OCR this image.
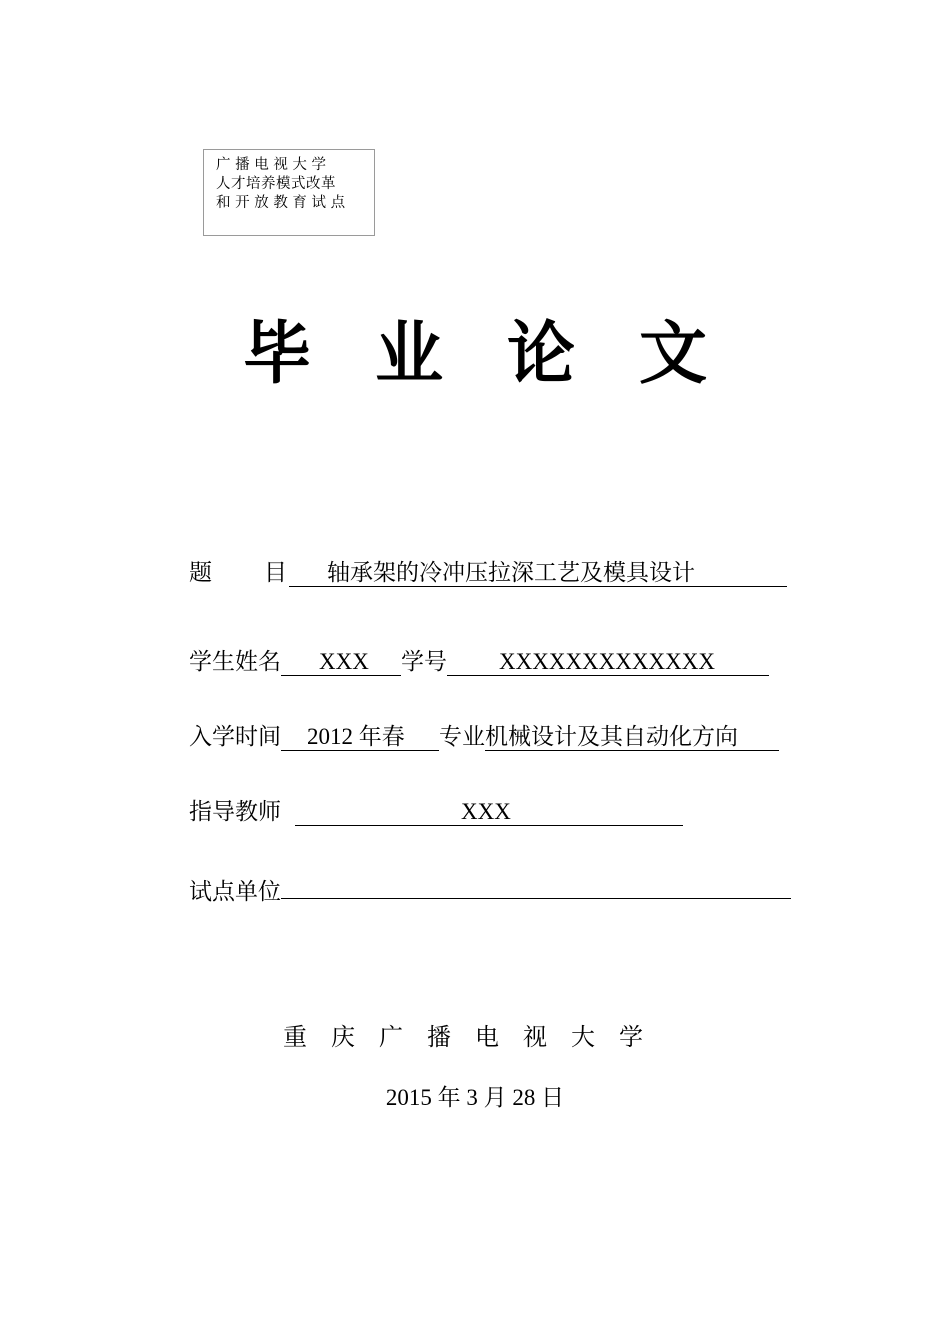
广 播 电 视 大 学
人才培养模式改革
和 开 放 教 育 试 点
毕 业 论 文
题 目 轴承架的冷冲压拉深工艺及模具设计
学生姓名 XXX 学号 XXXXXXXXXXXXX
入学时间 2012 年春 专业机械设计及其自动化方向
指导教师	XXX
试点单位
重庆广播电视大学
2015 年 3 月 28 日
